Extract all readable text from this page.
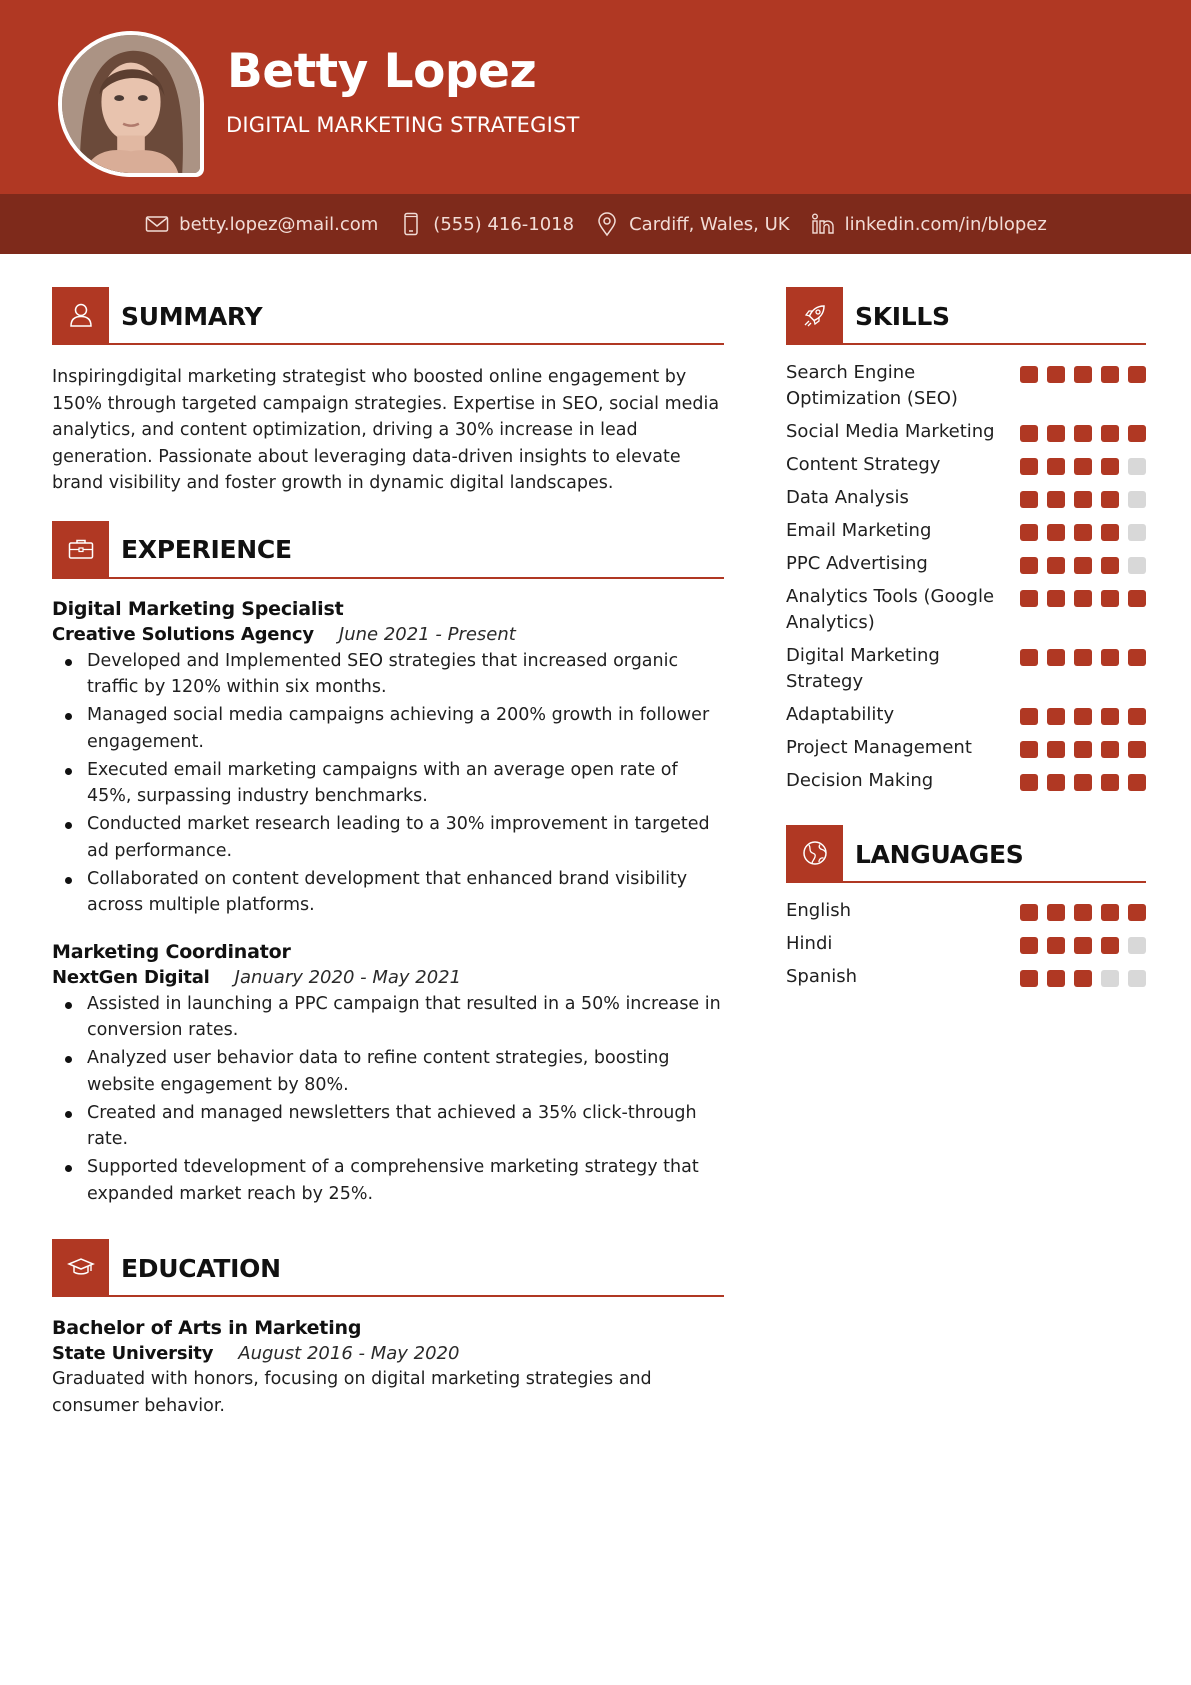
Betty Lopez
DIGITAL MARKETING STRATEGIST
betty.lopez@mail.com	(555) 416-1018	Cardiff, Wales, UK	linkedin.com/in/blopez
SUMMARY

Inspiringdigital marketing strategist who boosted online engagement by 150% through targeted campaign strategies. Expertise in SEO, social media analytics, and content optimization, driving a 30% increase in lead generation. Passionate about leveraging data-driven insights to elevate brand visibility and foster growth in dynamic digital landscapes.

EXPERIENCE
Digital Marketing Specialist
Creative Solutions Agency June 2021 - Present
Developed and Implemented SEO strategies that increased organic traffic by 120% within six months.
Managed social media campaigns achieving a 200% growth in follower engagement.
Executed email marketing campaigns with an average open rate of 45%, surpassing industry benchmarks.
Conducted market research leading to a 30% improvement in targeted ad performance.
Collaborated on content development that enhanced brand visibility across multiple platforms.
Marketing Coordinator
NextGen Digital January 2020 - May 2021
Assisted in launching a PPC campaign that resulted in a 50% increase in conversion rates.
Analyzed user behavior data to refine content strategies, boosting website engagement by 80%.
Created and managed newsletters that achieved a 35% click-through rate.
Supported tdevelopment of a comprehensive marketing strategy that expanded market reach by 25%.
EDUCATION
Bachelor of Arts in Marketing
State University August 2016 - May 2020

Graduated with honors, focusing on digital marketing strategies and consumer behavior.

SKILLS
Search Engine Optimization (SEO)
Social Media Marketing
Content Strategy
Data Analysis
Email Marketing
PPC Advertising
Analytics Tools (Google Analytics)
Digital Marketing Strategy
Adaptability
Project Management
Decision Making
LANGUAGES
English
Hindi
Spanish
